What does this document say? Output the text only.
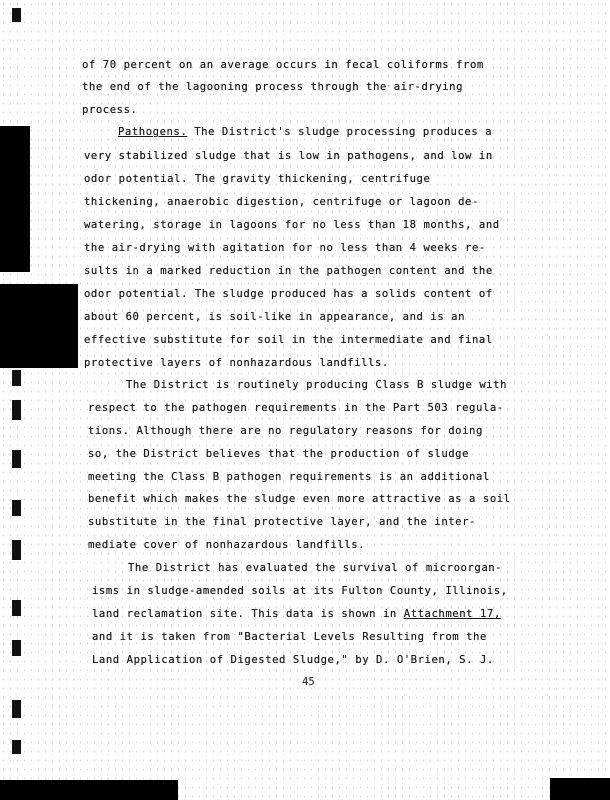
of 70 percent on an average occurs in fecal coliforms from
the end of the lagooning process through the air-drying
process.
Pathogens. The District's sludge processing produces a
very stabilized sludge that is low in pathogens, and low in
odor potential. The gravity thickening, centrifuge
thickening, anaerobic digestion, centrifuge or lagoon de-
watering, storage in lagoons for no less than 18 months, and
the air-drying with agitation for no less than 4 weeks re-
sults in a marked reduction in the pathogen content and the
odor potential. The sludge produced has a solids content of
about 60 percent, is soil-like in appearance, and is an
effective substitute for soil in the intermediate and final
protective layers of nonhazardous landfills.
The District is routinely producing Class B sludge with
respect to the pathogen requirements in the Part 503 regula-
tions. Although there are no regulatory reasons for doing
so, the District believes that the production of sludge
meeting the Class B pathogen requirements is an additional
benefit which makes the sludge even more attractive as a soil
substitute in the final protective layer, and the inter-
mediate cover of nonhazardous landfills.
The District has evaluated the survival of microorgan-
isms in sludge-amended soils at its Fulton County, Illinois,
land reclamation site. This data is shown in Attachment 17,
and it is taken from "Bacterial Levels Resulting from the
Land Application of Digested Sludge," by D. O'Brien, S. J.
45
